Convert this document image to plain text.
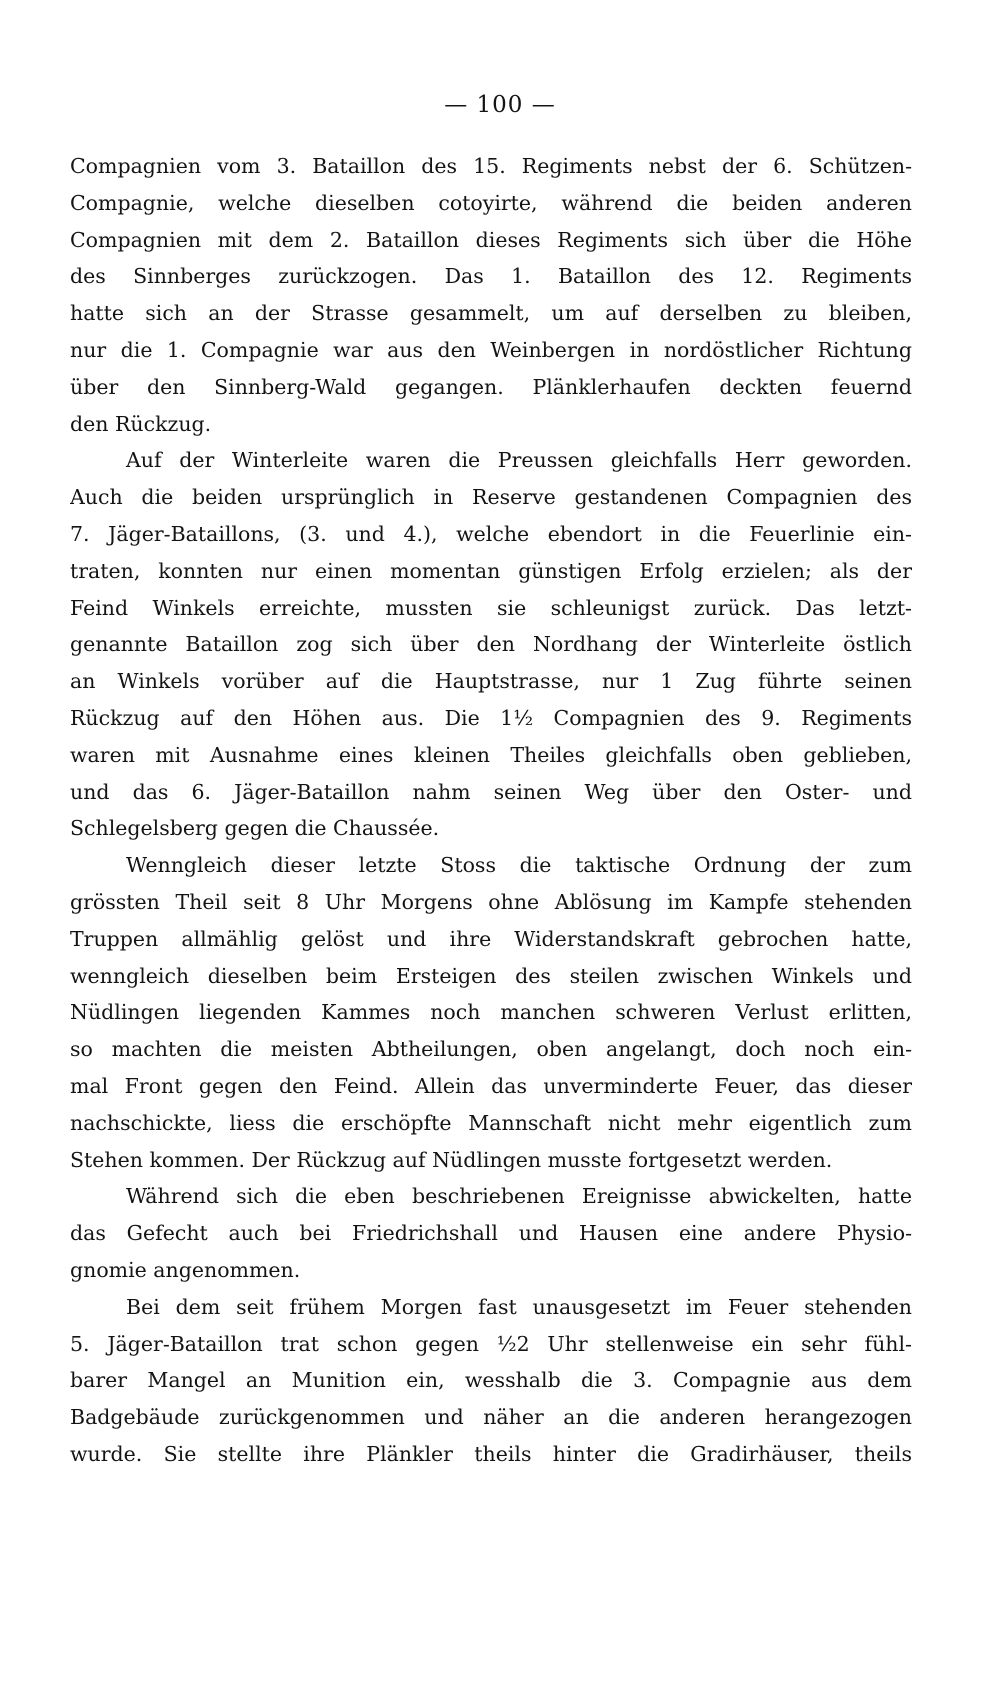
— 100 —
Compagnien vom 3. Bataillon des 15. Regiments nebst der 6. Schützen-
Compagnie, welche dieselben cotoyirte, während die beiden anderen
Compagnien mit dem 2. Bataillon dieses Regiments sich über die Höhe
des Sinnberges zurückzogen. Das 1. Bataillon des 12. Regiments
hatte sich an der Strasse gesammelt, um auf derselben zu bleiben,
nur die 1. Compagnie war aus den Weinbergen in nordöstlicher Richtung
über den Sinnberg-Wald gegangen. Plänklerhaufen deckten feuernd
den Rückzug.
Auf der Winterleite waren die Preussen gleichfalls Herr geworden.
Auch die beiden ursprünglich in Reserve gestandenen Compagnien des
7. Jäger-Bataillons, (3. und 4.), welche ebendort in die Feuerlinie ein-
traten, konnten nur einen momentan günstigen Erfolg erzielen; als der
Feind Winkels erreichte, mussten sie schleunigst zurück. Das letzt-
genannte Bataillon zog sich über den Nordhang der Winterleite östlich
an Winkels vorüber auf die Hauptstrasse, nur 1 Zug führte seinen
Rückzug auf den Höhen aus. Die 1½ Compagnien des 9. Regiments
waren mit Ausnahme eines kleinen Theiles gleichfalls oben geblieben,
und das 6. Jäger-Bataillon nahm seinen Weg über den Oster- und
Schlegelsberg gegen die Chaussée.
Wenngleich dieser letzte Stoss die taktische Ordnung der zum
grössten Theil seit 8 Uhr Morgens ohne Ablösung im Kampfe stehenden
Truppen allmählig gelöst und ihre Widerstandskraft gebrochen hatte,
wenngleich dieselben beim Ersteigen des steilen zwischen Winkels und
Nüdlingen liegenden Kammes noch manchen schweren Verlust erlitten,
so machten die meisten Abtheilungen, oben angelangt, doch noch ein-
mal Front gegen den Feind. Allein das unverminderte Feuer, das dieser
nachschickte, liess die erschöpfte Mannschaft nicht mehr eigentlich zum
Stehen kommen. Der Rückzug auf Nüdlingen musste fortgesetzt werden.
Während sich die eben beschriebenen Ereignisse abwickelten, hatte
das Gefecht auch bei Friedrichshall und Hausen eine andere Physio-
gnomie angenommen.
Bei dem seit frühem Morgen fast unausgesetzt im Feuer stehenden
5. Jäger-Bataillon trat schon gegen ½2 Uhr stellenweise ein sehr fühl-
barer Mangel an Munition ein, wesshalb die 3. Compagnie aus dem
Badgebäude zurückgenommen und näher an die anderen herangezogen
wurde. Sie stellte ihre Plänkler theils hinter die Gradirhäuser, theils
